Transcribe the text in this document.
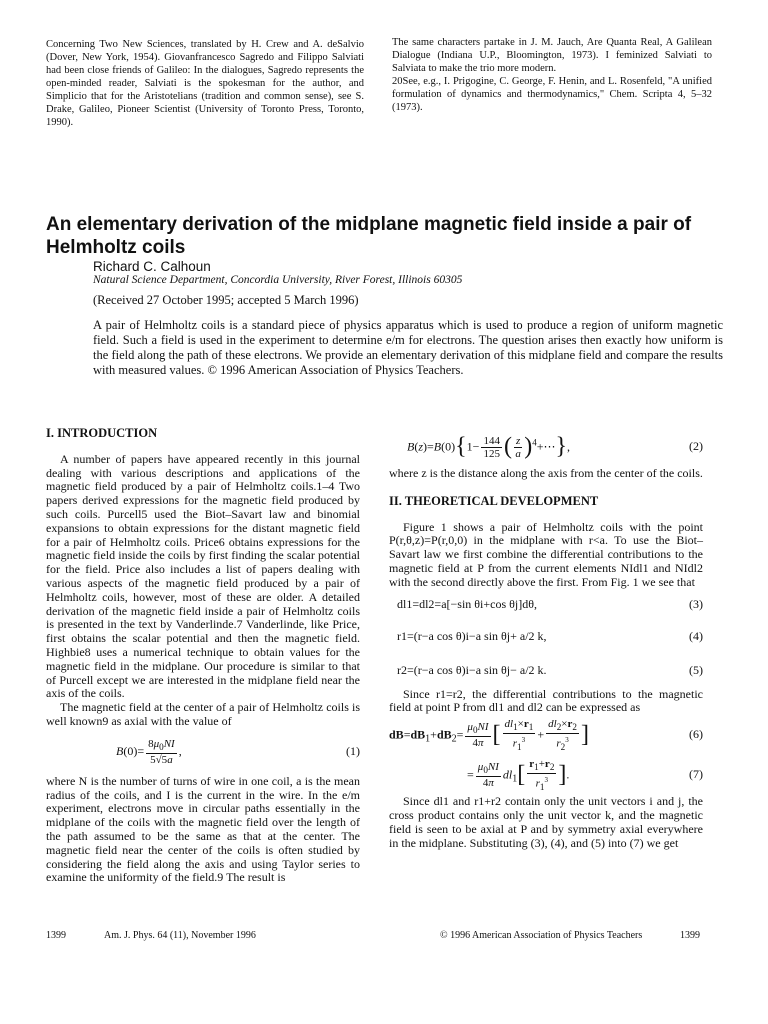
Concerning Two New Sciences, translated by H. Crew and A. deSalvio (Dover, New York, 1954). Giovanfrancesco Sagredo and Filippo Salviati had been close friends of Galileo: In the dialogues, Sagredo represents the open-minded reader, Salviati is the spokesman for the author, and Simplicio that for the Aristotelians (tradition and common sense), see S. Drake, Galileo, Pioneer Scientist (University of Toronto Press, Toronto, 1990).

The same characters partake in J. M. Jauch, Are Quanta Real, A Galilean Dialogue (Indiana U.P., Bloomington, 1973). I feminized Salviati to Salviata to make the trio more modern.

20See, e.g., I. Prigogine, C. George, F. Henin, and L. Rosenfeld, "A unified formulation of dynamics and thermodynamics," Chem. Scripta 4, 5–32 (1973).

An elementary derivation of the midplane magnetic field inside a pair of Helmholtz coils
Richard C. Calhoun
Natural Science Department, Concordia University, River Forest, Illinois 60305
(Received 27 October 1995; accepted 5 March 1996)
A pair of Helmholtz coils is a standard piece of physics apparatus which is used to produce a region of uniform magnetic field. Such a field is used in the experiment to determine e/m for electrons. The question arises then exactly how uniform is the field along the path of these electrons. We provide an elementary derivation of this midplane field and compare the results with measured values. © 1996 American Association of Physics Teachers.
I. INTRODUCTION

A number of papers have appeared recently in this journal dealing with various descriptions and applications of the magnetic field produced by a pair of Helmholtz coils.1–4 Two papers derived expressions for the magnetic field produced by such coils. Purcell5 used the Biot–Savart law and binomial expansions to obtain expressions for the distant magnetic field for a pair of Helmholtz coils. Price6 obtains expressions for the magnetic field inside the coils by first finding the scalar potential for the field. Price also includes a list of papers dealing with various aspects of the magnetic field produced by a pair of Helmholtz coils, however, most of these are older. A detailed derivation of the magnetic field inside a pair of Helmholtz coils is presented in the text by Vanderlinde.7 Vanderlinde, like Price, first obtains the scalar potential and then the magnetic field. Highbie8 uses a numerical technique to obtain values for the magnetic field in the midplane. Our procedure is similar to that of Purcell except we are interested in the midplane field near the axis of the coils.

The magnetic field at the center of a pair of Helmholtz coils is well known9 as axial with the value of

$B(0)= \frac{8\mu_0NI}{5√5a}$ ,	(1)

where N is the number of turns of wire in one coil, a is the mean radius of the coils, and I is the current in the wire. In the e/m experiment, electrons move in circular paths essentially in the midplane of the coils with the magnetic field over the length of the path assumed to be the same as that at the center. The magnetic field near the center of the coils is often studied by considering the field along the axis and using Taylor series to examine the uniformity of the field.9 The result is

$B(z)=B(0)\{1- \frac{144}{125}$ ( $\frac{z}{a}$ )$^4$+⋯},	(2)

where z is the distance along the axis from the center of the coils.

II. THEORETICAL DEVELOPMENT

Figure 1 shows a pair of Helmholtz coils with the point P(r,θ,z)=P(r,0,0) in the midplane with r<a. To use the Biot–Savart law we first combine the differential contributions to the magnetic field at P from the current elements NIdl1 and NIdl2 with the second directly above the first. From Fig. 1 we see that

dl1=dl2=a[−sin θi+cos θj]dθ,	(3)
r1=(r−a cos θ)i−a sin θj+ a/2 k,	(4)
r2=(r−a cos θ)i−a sin θj− a/2 k.	(5)

Since r1=r2, the differential contributions to the magnetic field at point P from dl1 and dl2 can be expressed as

$dB=dB_1+dB_2= \frac{\mu_0NI}{4\pi}$ [ $\frac{dl_1\times r_1}{r_1^3} + \frac{dl_2\times r_2}{r_2^3}$ ]	(6)
= $\frac{\mu_0NI}{4\pi} dl_1[ \frac{r_1+r_2}{r_1^3}$ ].	(7)

Since dl1 and r1+r2 contain only the unit vectors i and j, the cross product contains only the unit vector k, and the magnetic field is seen to be axial at P and by symmetry axial everywhere in the midplane. Substituting (3), (4), and (5) into (7) we get

1399	Am. J. Phys. 64 (11), November 1996	© 1996 American Association of Physics Teachers	1399
